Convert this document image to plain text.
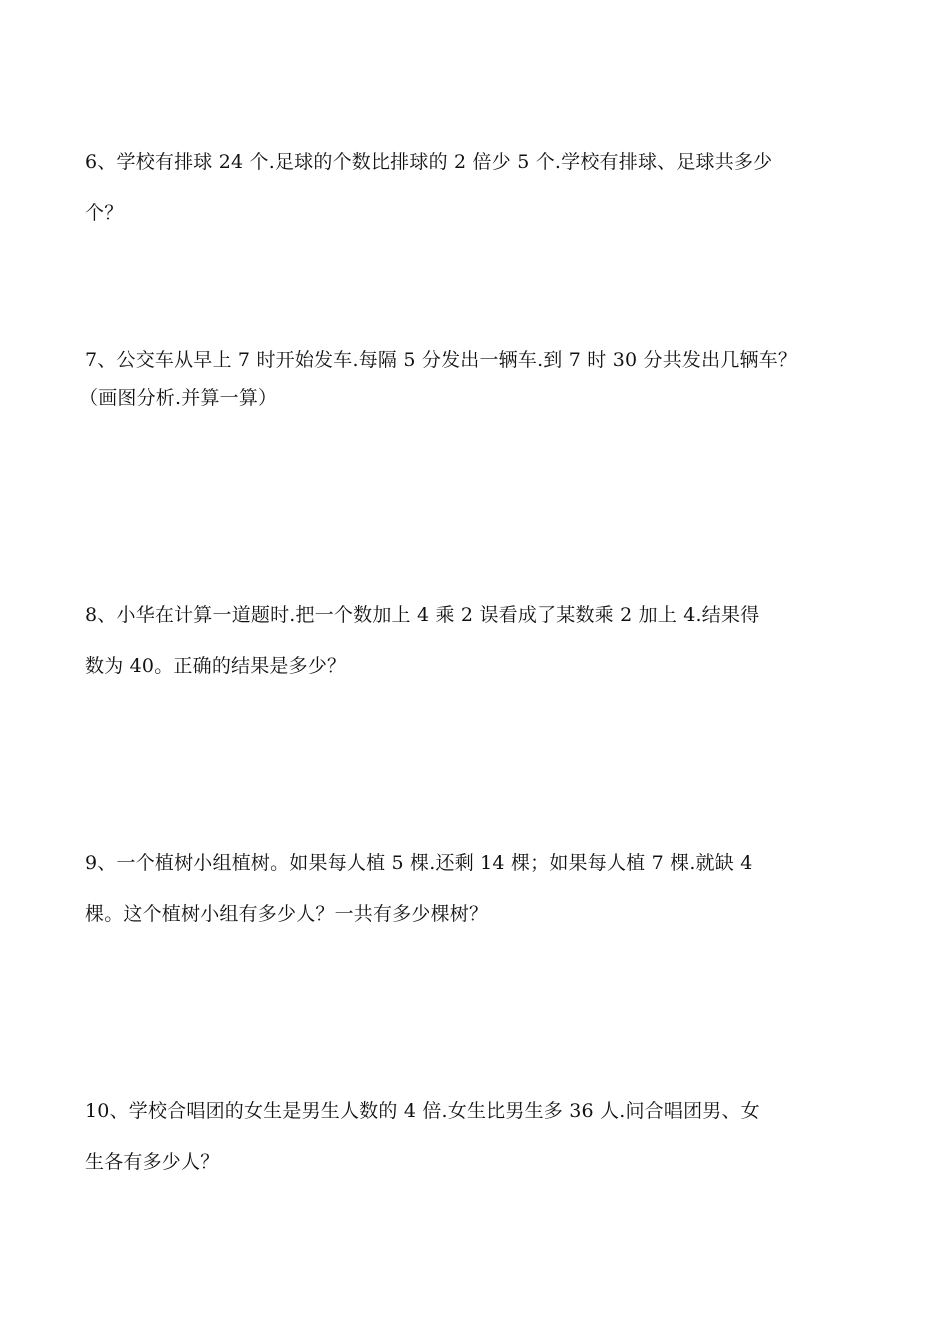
6、学校有排球 24 个.足球的个数比排球的 2 倍少 5 个.学校有排球、足球共多少
个？
7、公交车从早上 7 时开始发车.每隔 5 分发出一辆车.到 7 时 30 分共发出几辆车？
（画图分析.并算一算）
8、小华在计算一道题时.把一个数加上 4 乘 2 误看成了某数乘 2 加上 4.结果得
数为 40。正确的结果是多少？
9、一个植树小组植树。如果每人植 5 棵.还剩 14 棵；如果每人植 7 棵.就缺 4
棵。这个植树小组有多少人？一共有多少棵树？
10、学校合唱团的女生是男生人数的 4 倍.女生比男生多 36 人.问合唱团男、女
生各有多少人？
